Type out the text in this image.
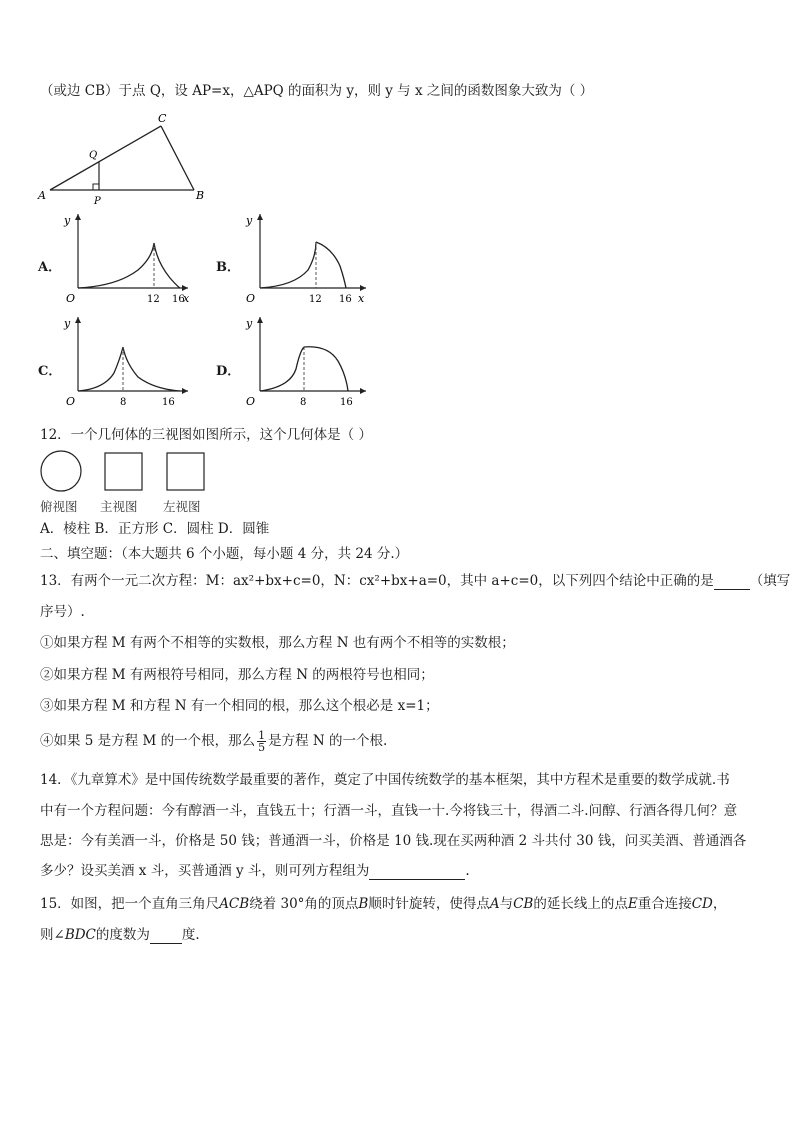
（或边 CB）于点 Q，设 AP=x，△APQ 的面积为 y，则 y 与 x 之间的函数图象大致为（ ）
A	B
C
P
Q
A．
y
O	12 16
x
B．
y
O	12 16 x
C．
y
O	8	16
D．
y
O	8	16
12．一个几何体的三视图如图所示，这个几何体是（ ）
俯视图 主视图 左视图
A．棱柱 B．正方形 C．圆柱 D．圆锥
二、填空题：（本大题共 6 个小题，每小题 4 分，共 24 分.）
13．有两个一元二次方程：M：ax²+bx+c=0，N：cx²+bx+a=0，其中 a+c=0，以下列四个结论中正确的是	（填写
序号）.
①如果方程 M 有两个不相等的实数根，那么方程 N 也有两个不相等的实数根；
②如果方程 M 有两根符号相同，那么方程 N 的两根符号也相同；
③如果方程 M 和方程 N 有一个相同的根，那么这个根必是 x=1；
④如果 5 是方程 M 的一个根，那么 $\frac{1}{5}$ 是方程 N 的一个根.
14．《九章算术》是中国传统数学最重要的著作，奠定了中国传统数学的基本框架，其中方程术是重要的数学成就.书
中有一个方程问题：今有醇酒一斗，直钱五十；行酒一斗，直钱一十.今将钱三十，得酒二斗.问醇、行酒各得几何？意
思是：今有美酒一斗，价格是 50 钱；普通酒一斗，价格是 10 钱.现在买两种酒 2 斗共付 30 钱，问买美酒、普通酒各
多少？设买美酒 x 斗，买普通酒 y 斗，则可列方程组为	.
15．如图，把一个直角三角尺ACB绕着 30°角的顶点B顺时针旋转，使得点A与CB的延长线上的点E重合连接CD，
则∠BDC的度数为 度.
